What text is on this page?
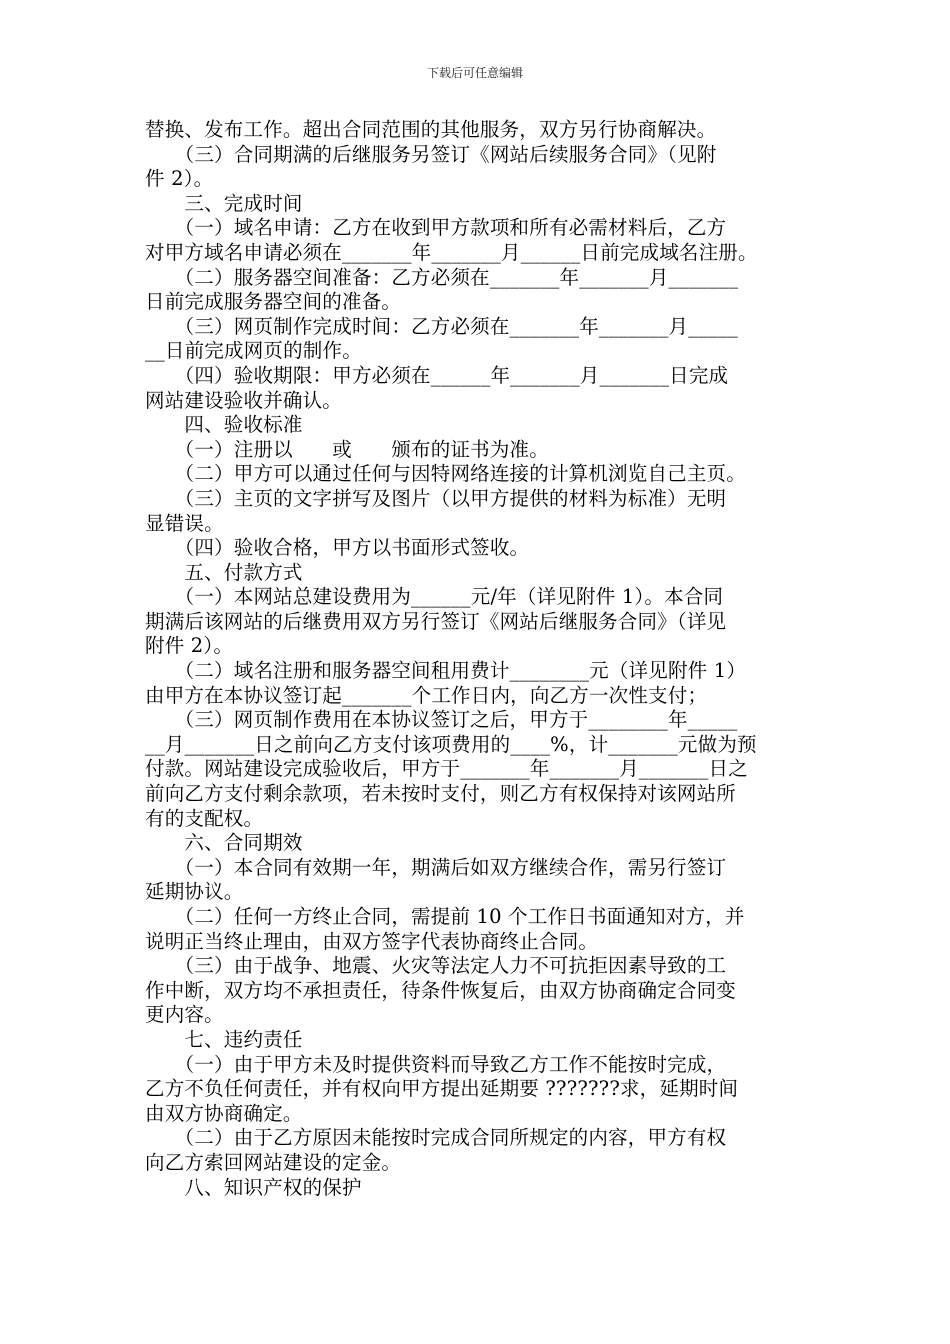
下载后可任意编辑
替换、发布工作。超出合同范围的其他服务，双方另行协商解决。
　　（三）合同期满的后继服务另签订《网站后续服务合同》（见附
件 2）。
　　三、完成时间
　　（一）域名申请：乙方在收到甲方款项和所有必需材料后，乙方
对甲方域名申请必须在_______年_______月______日前完成域名注册。
　　（二）服务器空间准备：乙方必须在_______年_______月_______
日前完成服务器空间的准备。
　　（三）网页制作完成时间：乙方必须在_______年_______月_____
__日前完成网页的制作。
　　（四）验收期限：甲方必须在______年_______月_______日完成
网站建设验收并确认。
　　四、验收标准
　　（一）注册以　　或　　颁布的证书为准。
　　（二）甲方可以通过任何与因特网络连接的计算机浏览自己主页。
　　（三）主页的文字拼写及图片（以甲方提供的材料为标准）无明
显错误。
　　（四）验收合格，甲方以书面形式签收。
　　五、付款方式
　　（一）本网站总建设费用为______元/年（详见附件 1）。本合同
期满后该网站的后继费用双方另行签订《网站后继服务合同》（详见
附件 2）。
　　（二）域名注册和服务器空间租用费计________元（详见附件 1）
由甲方在本协议签订起_______个工作日内，向乙方一次性支付；
　　（三）网页制作费用在本协议签订之后，甲方于________年_____
__月_______日之前向乙方支付该项费用的____%，计_______元做为预
付款。网站建设完成验收后，甲方于_______年_______月_______日之
前向乙方支付剩余款项，若未按时支付，则乙方有权保持对该网站所
有的支配权。
　　六、合同期效
　　（一）本合同有效期一年，期满后如双方继续合作，需另行签订
延期协议。
　　（二）任何一方终止合同，需提前 10 个工作日书面通知对方，并
说明正当终止理由，由双方签字代表协商终止合同。
　　（三）由于战争、地震、火灾等法定人力不可抗拒因素导致的工
作中断，双方均不承担责任，待条件恢复后，由双方协商确定合同变
更内容。
　　七、违约责任
　　（一）由于甲方未及时提供资料而导致乙方工作不能按时完成，
乙方不负任何责任，并有权向甲方提出延期要 ???????求，延期时间
由双方协商确定。
　　（二）由于乙方原因未能按时完成合同所规定的内容，甲方有权
向乙方索回网站建设的定金。
　　八、知识产权的保护
